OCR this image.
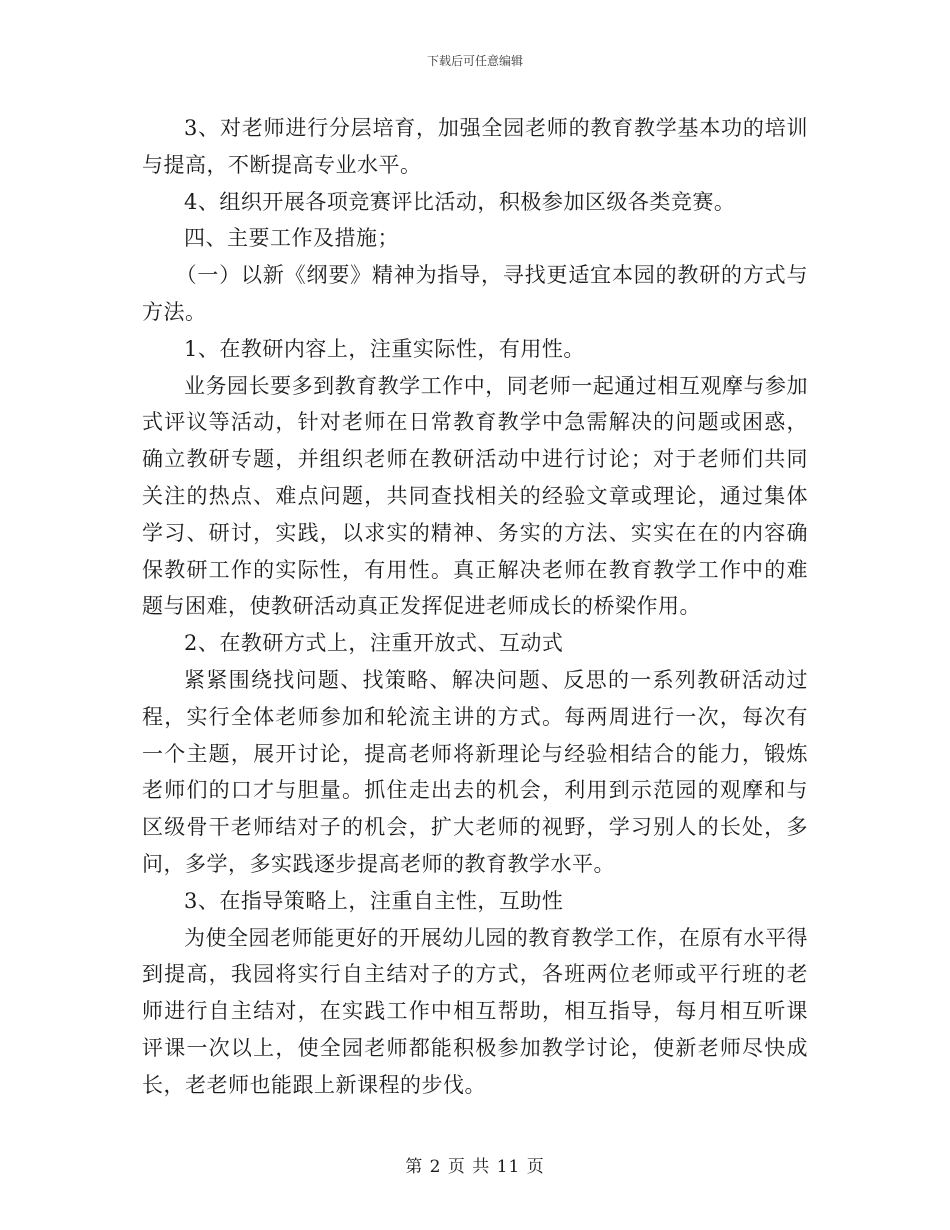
下载后可任意编辑

3、对老师进行分层培育，加强全园老师的教育教学基本功的培训与提高，不断提高专业水平。

4、组织开展各项竞赛评比活动，积极参加区级各类竞赛。

四、主要工作及措施；

（一）以新《纲要》精神为指导，寻找更适宜本园的教研的方式与方法。

1、在教研内容上，注重实际性，有用性。

业务园长要多到教育教学工作中，同老师一起通过相互观摩与参加式评议等活动，针对老师在日常教育教学中急需解决的问题或困惑，确立教研专题，并组织老师在教研活动中进行讨论；对于老师们共同关注的热点、难点问题，共同查找相关的经验文章或理论，通过集体学习、研讨，实践，以求实的精神、务实的方法、实实在在的内容确保教研工作的实际性，有用性。真正解决老师在教育教学工作中的难题与困难，使教研活动真正发挥促进老师成长的桥梁作用。

2、在教研方式上，注重开放式、互动式

紧紧围绕找问题、找策略、解决问题、反思的一系列教研活动过程，实行全体老师参加和轮流主讲的方式。每两周进行一次，每次有一个主题，展开讨论，提高老师将新理论与经验相结合的能力，锻炼老师们的口才与胆量。抓住走出去的机会，利用到示范园的观摩和与区级骨干老师结对子的机会，扩大老师的视野，学习别人的长处，多问，多学，多实践逐步提高老师的教育教学水平。

3、在指导策略上，注重自主性，互助性

为使全园老师能更好的开展幼儿园的教育教学工作，在原有水平得到提高，我园将实行自主结对子的方式，各班两位老师或平行班的老师进行自主结对，在实践工作中相互帮助，相互指导，每月相互听课评课一次以上，使全园老师都能积极参加教学讨论，使新老师尽快成长，老老师也能跟上新课程的步伐。

第 2 页 共 11 页
